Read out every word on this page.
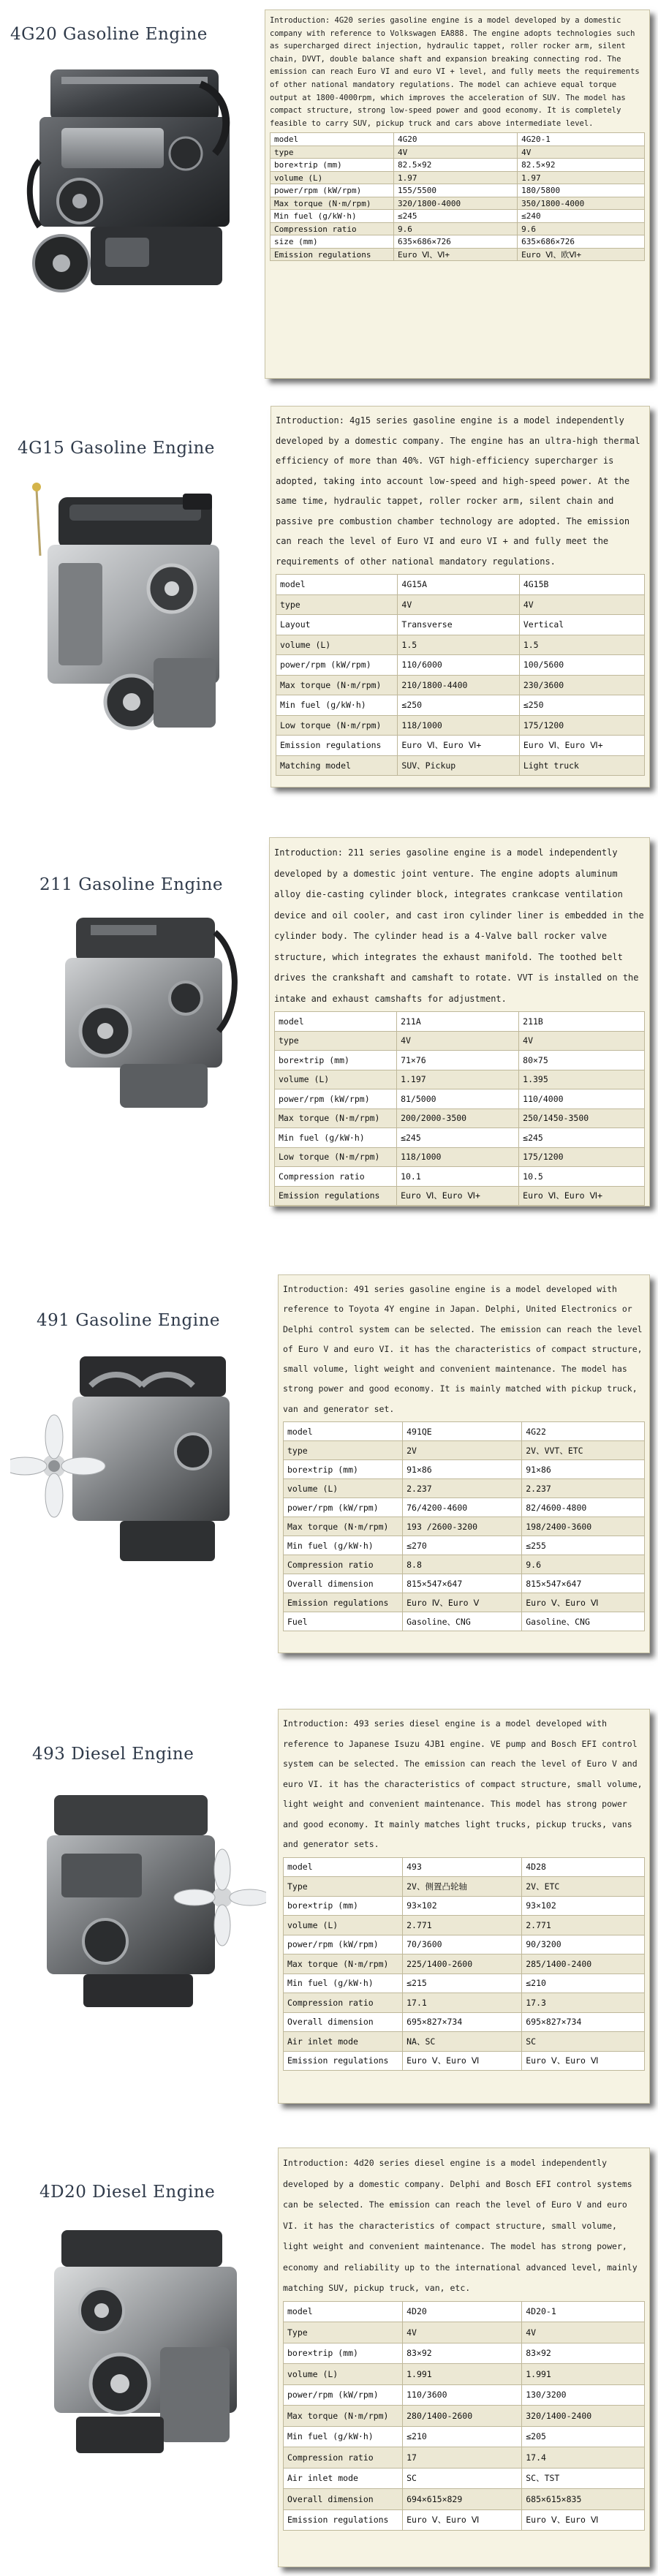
4G20 Gasoline Engine

Introduction: 4G20 series gasoline engine is a model developed by a domestic company with reference to Volkswagen EA888. The engine adopts technologies such as supercharged direct injection, hydraulic tappet, roller rocker arm, silent chain, DVVT, double balance shaft and expansion breaking connecting rod. The emission can reach Euro VI and euro VI + level, and fully meets the requirements of other national mandatory regulations. The model can achieve equal torque output at 1800-4000rpm, which improves the acceleration of SUV. The model has compact structure, strong low-speed power and good economy. It is completely feasible to carry SUV, pickup truck and cars above intermediate level.

model	4G20	4G20-1
type	4V	4V
bore×trip (mm)	82.5×92	82.5×92
volume (L)	1.97	1.97
power/rpm (kW/rpm)	155/5500	180/5800
Max torque (N·m/rpm)	320/1800-4000	350/1800-4000
Min fuel (g/kW·h)	≤245	≤240
Compression ratio	9.6	9.6
size (mm)	635×686×726	635×686×726
Emission regulations	Euro Ⅵ、Ⅵ+	Euro Ⅵ、欧Ⅵ+
4G15 Gasoline Engine

Introduction: 4g15 series gasoline engine is a model independently developed by a domestic company. The engine has an ultra-high thermal efficiency of more than 40%. VGT high-efficiency supercharger is adopted, taking into account low-speed and high-speed power. At the same time, hydraulic tappet, roller rocker arm, silent chain and passive pre combustion chamber technology are adopted. The emission can reach the level of Euro VI and euro VI + and fully meet the requirements of other national mandatory regulations.

model	4G15A	4G15B
type	4V	4V
Layout	Transverse	Vertical
volume (L)	1.5	1.5
power/rpm (kW/rpm)	110/6000	100/5600
Max torque (N·m/rpm)	210/1800-4400	230/3600
Min fuel (g/kW·h)	≤250	≤250
Low torque (N·m/rpm)	118/1000	175/1200
Emission regulations	Euro Ⅵ、Euro Ⅵ+	Euro Ⅵ、Euro Ⅵ+
Matching model	SUV、Pickup	Light truck
211 Gasoline Engine

Introduction: 211 series gasoline engine is a model independently developed by a domestic joint venture. The engine adopts aluminum alloy die-casting cylinder block, integrates crankcase ventilation device and oil cooler, and cast iron cylinder liner is embedded in the cylinder body. The cylinder head is a 4-Valve ball rocker valve structure, which integrates the exhaust manifold. The toothed belt drives the crankshaft and camshaft to rotate. VVT is installed on the intake and exhaust camshafts for adjustment.

model	211A	211B
type	4V	4V
bore×trip (mm)	71×76	80×75
volume (L)	1.197	1.395
power/rpm (kW/rpm)	81/5000	110/4000
Max torque (N·m/rpm)	200/2000-3500	250/1450-3500
Min fuel (g/kW·h)	≤245	≤245
Low torque (N·m/rpm)	118/1000	175/1200
Compression ratio	10.1	10.5
Emission regulations	Euro Ⅵ、Euro Ⅵ+	Euro Ⅵ、Euro Ⅵ+
491 Gasoline Engine

Introduction: 491 series gasoline engine is a model developed with reference to Toyota 4Y engine in Japan. Delphi, United Electronics or Delphi control system can be selected. The emission can reach the level of Euro V and euro VI. it has the characteristics of compact structure, small volume, light weight and convenient maintenance. The model has strong power and good economy. It is mainly matched with pickup truck, van and generator set.

model	491QE	4G22
type	2V	2V、VVT、ETC
bore×trip (mm)	91×86	91×86
volume (L)	2.237	2.237
power/rpm (kW/rpm)	76/4200-4600	82/4600-4800
Max torque (N·m/rpm)	193 /2600-3200	198/2400-3600
Min fuel (g/kW·h)	≤270	≤255
Compression ratio	8.8	9.6
Overall dimension	815×547×647	815×547×647
Emission regulations	Euro Ⅳ、Euro Ⅴ	Euro Ⅴ、Euro Ⅵ
Fuel	Gasoline、CNG	Gasoline、CNG
493 Diesel Engine

Introduction: 493 series diesel engine is a model developed with reference to Japanese Isuzu 4JB1 engine. VE pump and Bosch EFI control system can be selected. The emission can reach the level of Euro V and euro VI. it has the characteristics of compact structure, small volume, light weight and convenient maintenance. This model has strong power and good economy. It mainly matches light trucks, pickup trucks, vans and generator sets.

model	493	4D28
Type	2V、侧置凸轮轴	2V、ETC
bore×trip (mm)	93×102	93×102
volume (L)	2.771	2.771
power/rpm (kW/rpm)	70/3600	90/3200
Max torque (N·m/rpm)	225/1400-2600	285/1400-2400
Min fuel (g/kW·h)	≤215	≤210
Compression ratio	17.1	17.3
Overall dimension	695×827×734	695×827×734
Air inlet mode	NA、SC	SC
Emission regulations	Euro Ⅴ、Euro Ⅵ	Euro Ⅴ、Euro Ⅵ
4D20 Diesel Engine

Introduction: 4d20 series diesel engine is a model independently developed by a domestic company. Delphi and Bosch EFI control systems can be selected. The emission can reach the level of Euro V and euro VI. it has the characteristics of compact structure, small volume, light weight and convenient maintenance. The model has strong power, economy and reliability up to the international advanced level, mainly matching SUV, pickup truck, van, etc.

model	4D20	4D20-1
Type	4V	4V
bore×trip (mm)	83×92	83×92
volume (L)	1.991	1.991
power/rpm (kW/rpm)	110/3600	130/3200
Max torque (N·m/rpm)	280/1400-2600	320/1400-2400
Min fuel (g/kW·h)	≤210	≤205
Compression ratio	17	17.4
Air inlet mode	SC	SC、TST
Overall dimension	694×615×829	685×615×835
Emission regulations	Euro Ⅴ、Euro Ⅵ	Euro Ⅴ、Euro Ⅵ
